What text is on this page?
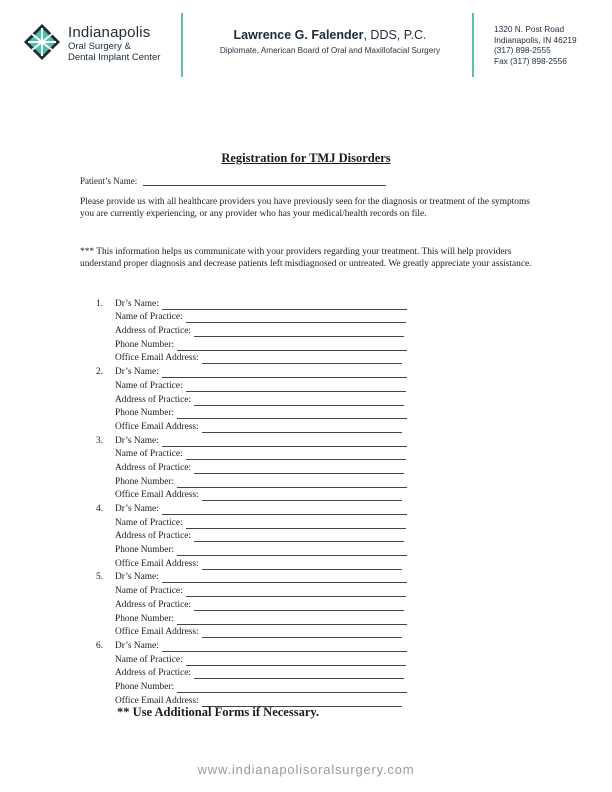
Indianapolis
Oral Surgery &
Dental Implant Center
Lawrence G. Falender, DDS, P.C.
Diplomate, American Board of Oral and Maxillofacial Surgery
1320 N. Post Road
Indianapolis, IN 46219
(317) 898-2555
Fax (317) 898-2556
Registration for TMJ Disorders
Patient’s Name:
Please provide us with all healthcare providers you have previously seen for the diagnosis or treatment of the symptoms you are currently experiencing, or any provider who has your medical/health records on file.
*** This information helps us communicate with your providers regarding your treatment. This will help providers understand proper diagnosis and decrease patients left misdiagnosed or untreated. We greatly appreciate your assistance.
1. Dr’s Name:
Name of Practice:
Address of Practice:
Phone Number:
Office Email Address:
2. Dr’s Name:
Name of Practice:
Address of Practice:
Phone Number:
Office Email Address:
3. Dr’s Name:
Name of Practice:
Address of Practice:
Phone Number:
Office Email Address:
4. Dr’s Name:
Name of Practice:
Address of Practice:
Phone Number:
Office Email Address:
5. Dr’s Name:
Name of Practice:
Address of Practice:
Phone Number:
Office Email Address:
6. Dr’s Name:
Name of Practice:
Address of Practice:
Phone Number:
Office Email Address:
** Use Additional Forms if Necessary.
www.indianapolisoralsurgery.com
